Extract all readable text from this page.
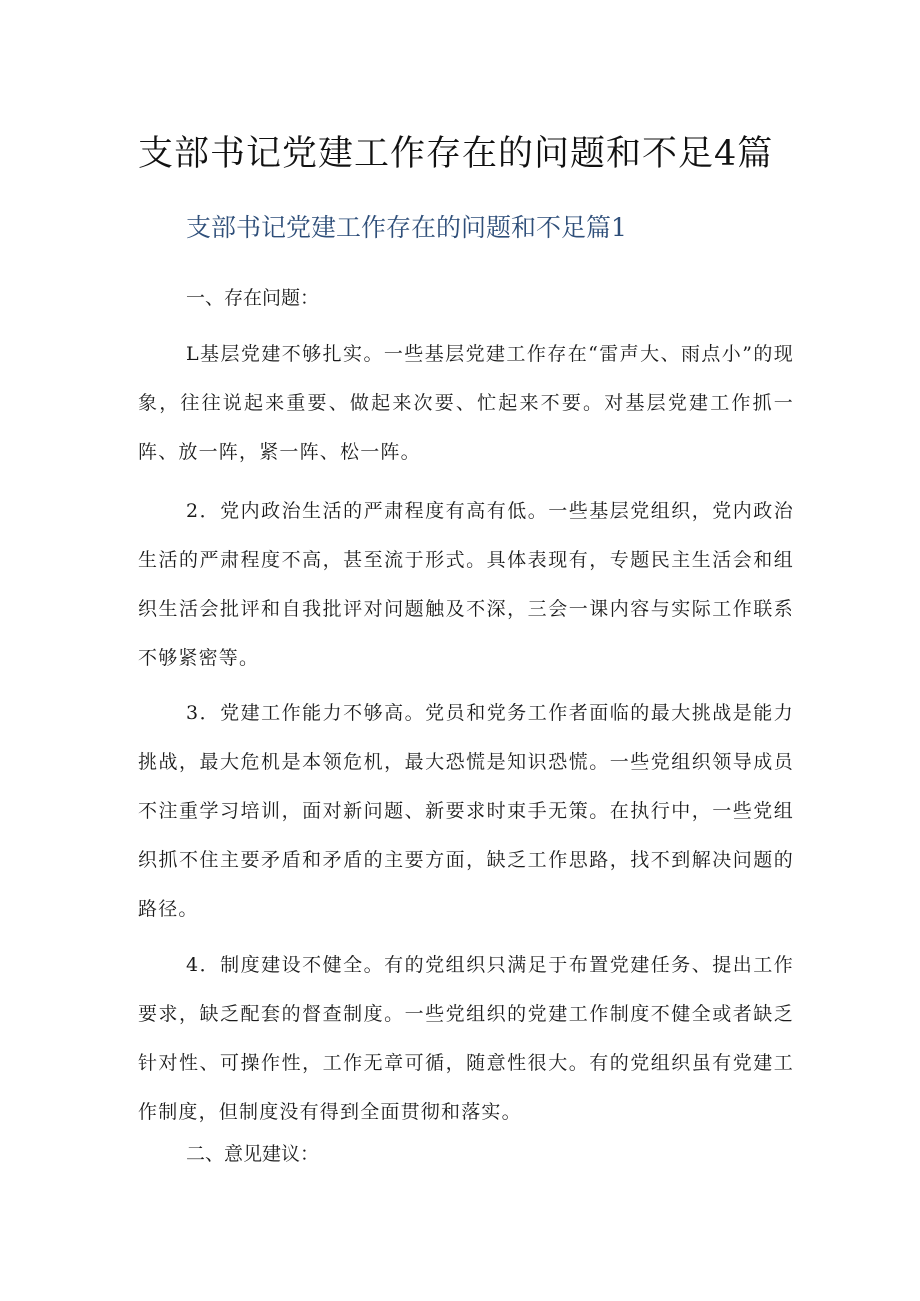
支部书记党建工作存在的问题和不足4篇
支部书记党建工作存在的问题和不足篇1

一、存在问题：

L基层党建不够扎实。一些基层党建工作存在“雷声大、雨点小”的现象，往往说起来重要、做起来次要、忙起来不要。对基层党建工作抓一阵、放一阵，紧一阵、松一阵。

2．党内政治生活的严肃程度有高有低。一些基层党组织，党内政治生活的严肃程度不高，甚至流于形式。具体表现有，专题民主生活会和组织生活会批评和自我批评对问题触及不深，三会一课内容与实际工作联系不够紧密等。

3．党建工作能力不够高。党员和党务工作者面临的最大挑战是能力挑战，最大危机是本领危机，最大恐慌是知识恐慌。一些党组织领导成员不注重学习培训，面对新问题、新要求时束手无策。在执行中，一些党组织抓不住主要矛盾和矛盾的主要方面，缺乏工作思路，找不到解决问题的路径。

4．制度建设不健全。有的党组织只满足于布置党建任务、提出工作要求，缺乏配套的督查制度。一些党组织的党建工作制度不健全或者缺乏针对性、可操作性，工作无章可循，随意性很大。有的党组织虽有党建工作制度，但制度没有得到全面贯彻和落实。

二、意见建议：
